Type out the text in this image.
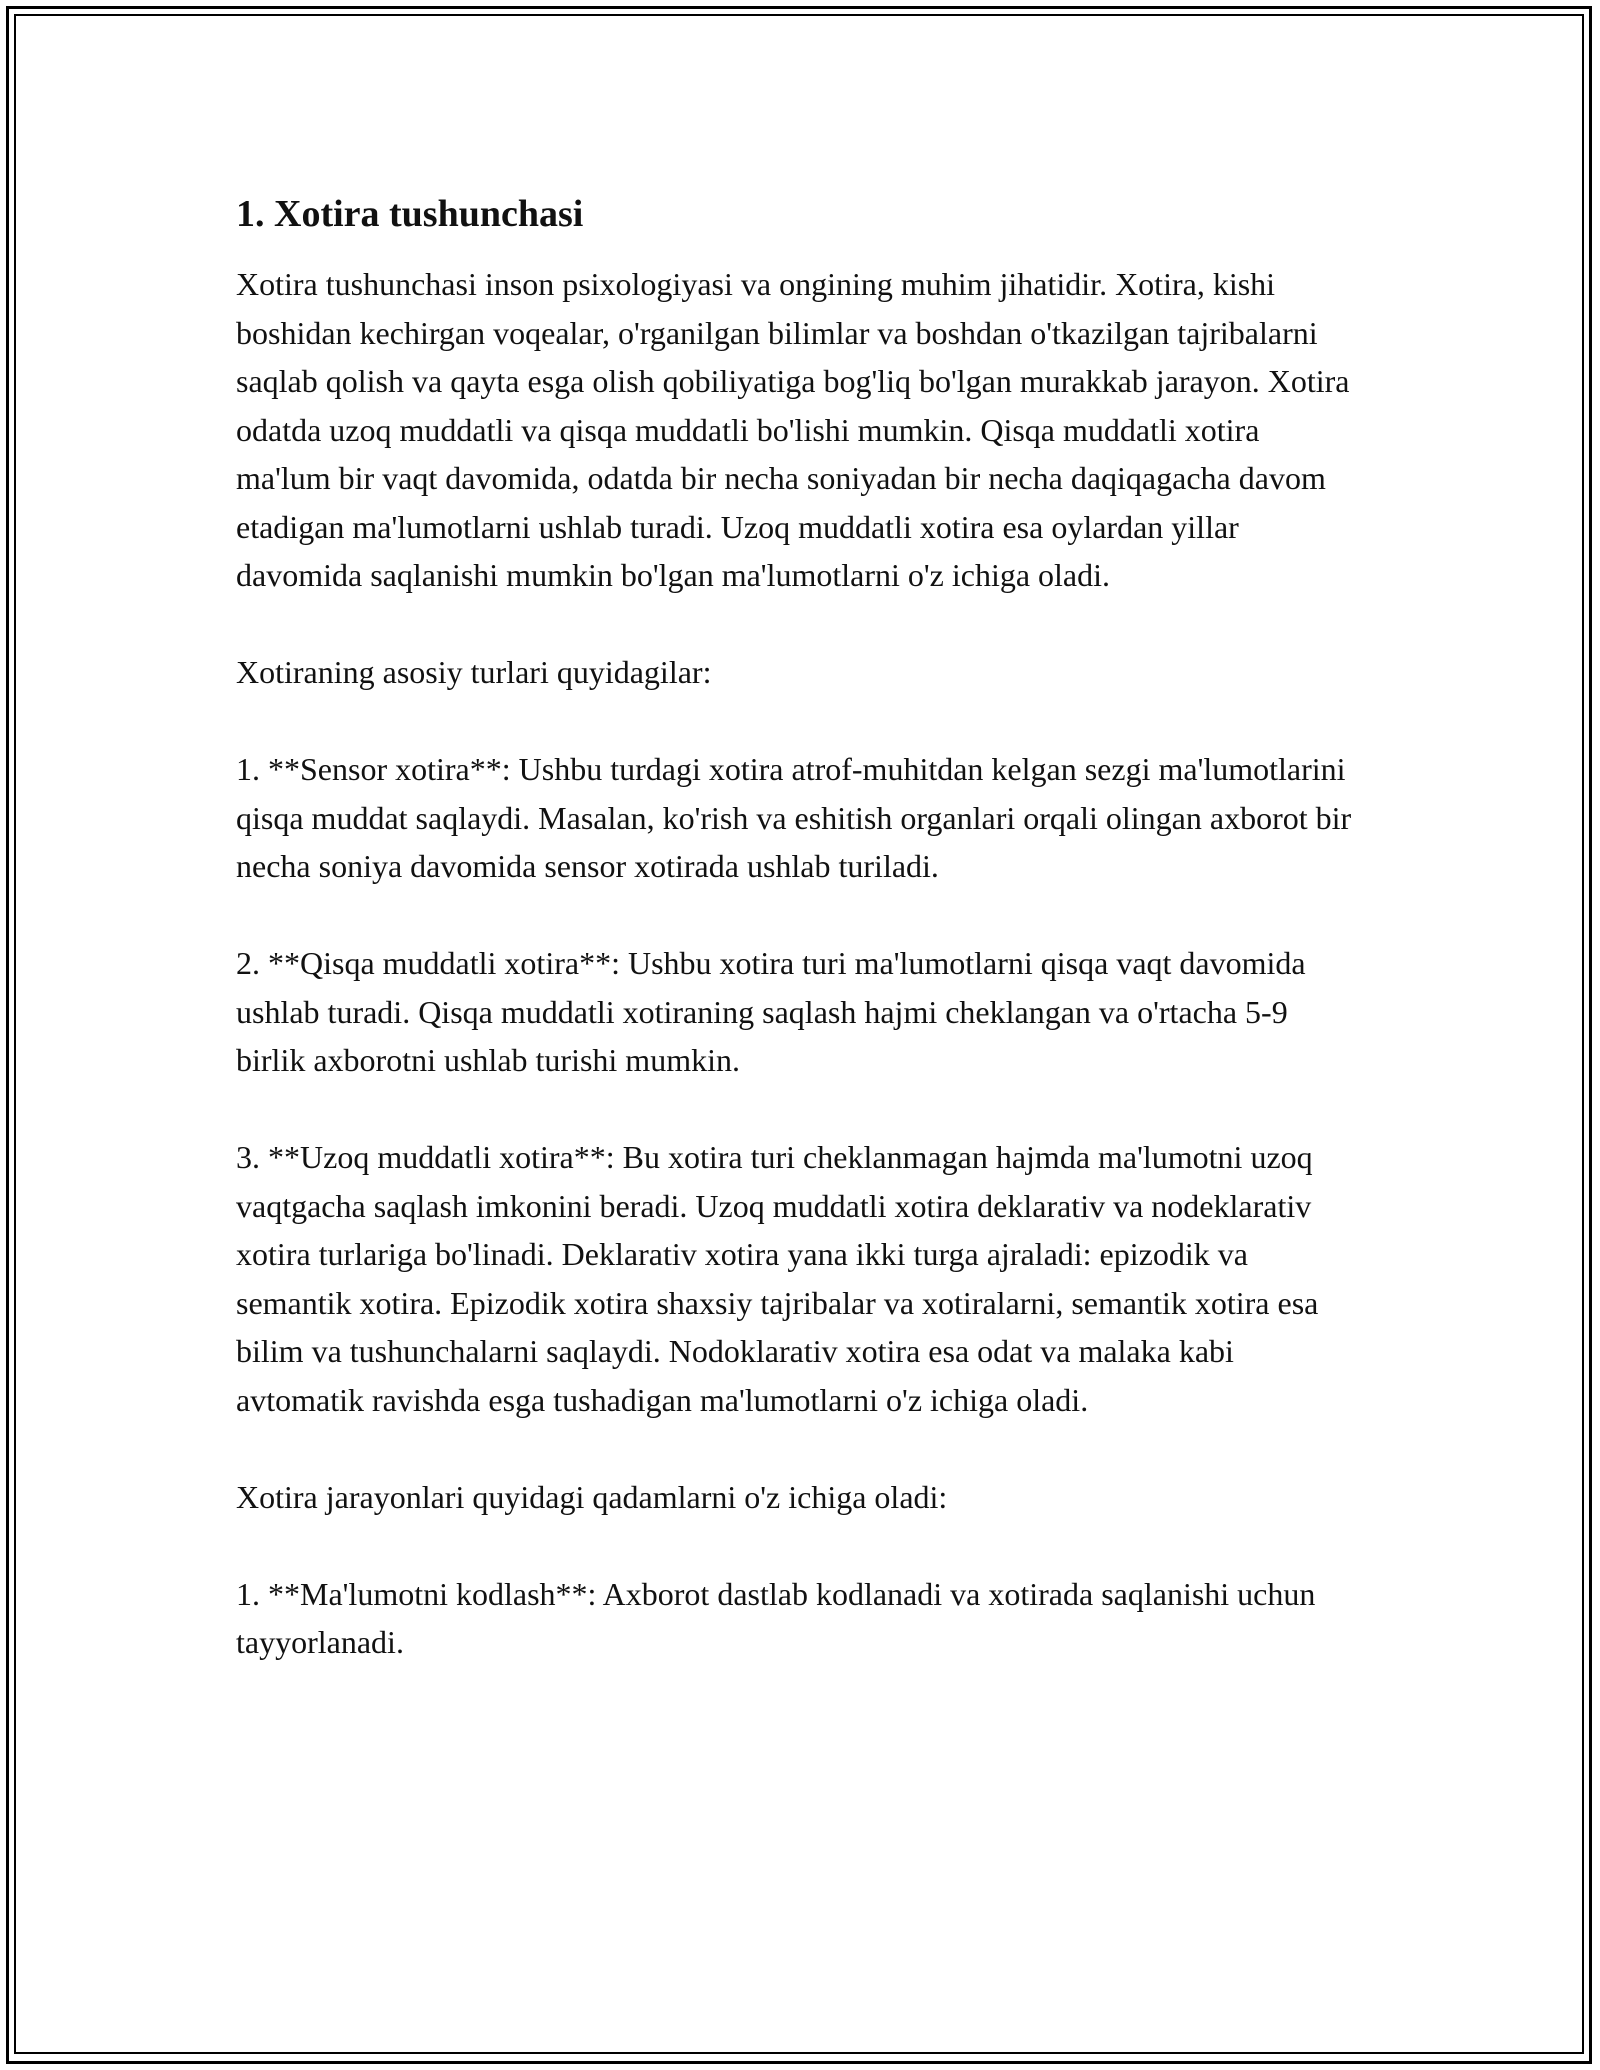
1. Xotira tushunchasi

Xotira tushunchasi inson psixologiyasi va ongining muhim jihatidir. Xotira, kishi boshidan kechirgan voqealar, o'rganilgan bilimlar va boshdan o'tkazilgan tajribalarni saqlab qolish va qayta esga olish qobiliyatiga bog'liq bo'lgan murakkab jarayon. Xotira odatda uzoq muddatli va qisqa muddatli bo'lishi mumkin. Qisqa muddatli xotira ma'lum bir vaqt davomida, odatda bir necha soniyadan bir necha daqiqagacha davom etadigan ma'lumotlarni ushlab turadi. Uzoq muddatli xotira esa oylardan yillar davomida saqlanishi mumkin bo'lgan ma'lumotlarni o'z ichiga oladi.

Xotiraning asosiy turlari quyidagilar:

1. **Sensor xotira**: Ushbu turdagi xotira atrof-muhitdan kelgan sezgi ma'lumotlarini qisqa muddat saqlaydi. Masalan, ko'rish va eshitish organlari orqali olingan axborot bir necha soniya davomida sensor xotirada ushlab turiladi.

2. **Qisqa muddatli xotira**: Ushbu xotira turi ma'lumotlarni qisqa vaqt davomida ushlab turadi. Qisqa muddatli xotiraning saqlash hajmi cheklangan va o'rtacha 5-9 birlik axborotni ushlab turishi mumkin.

3. **Uzoq muddatli xotira**: Bu xotira turi cheklanmagan hajmda ma'lumotni uzoq vaqtgacha saqlash imkonini beradi. Uzoq muddatli xotira deklarativ va nodeklarativ xotira turlariga bo'linadi. Deklarativ xotira yana ikki turga ajraladi: epizodik va semantik xotira. Epizodik xotira shaxsiy tajribalar va xotiralarni, semantik xotira esa bilim va tushunchalarni saqlaydi. Nodoklarativ xotira esa odat va malaka kabi avtomatik ravishda esga tushadigan ma'lumotlarni o'z ichiga oladi.

Xotira jarayonlari quyidagi qadamlarni o'z ichiga oladi:

1. **Ma'lumotni kodlash**: Axborot dastlab kodlanadi va xotirada saqlanishi uchun tayyorlanadi.
